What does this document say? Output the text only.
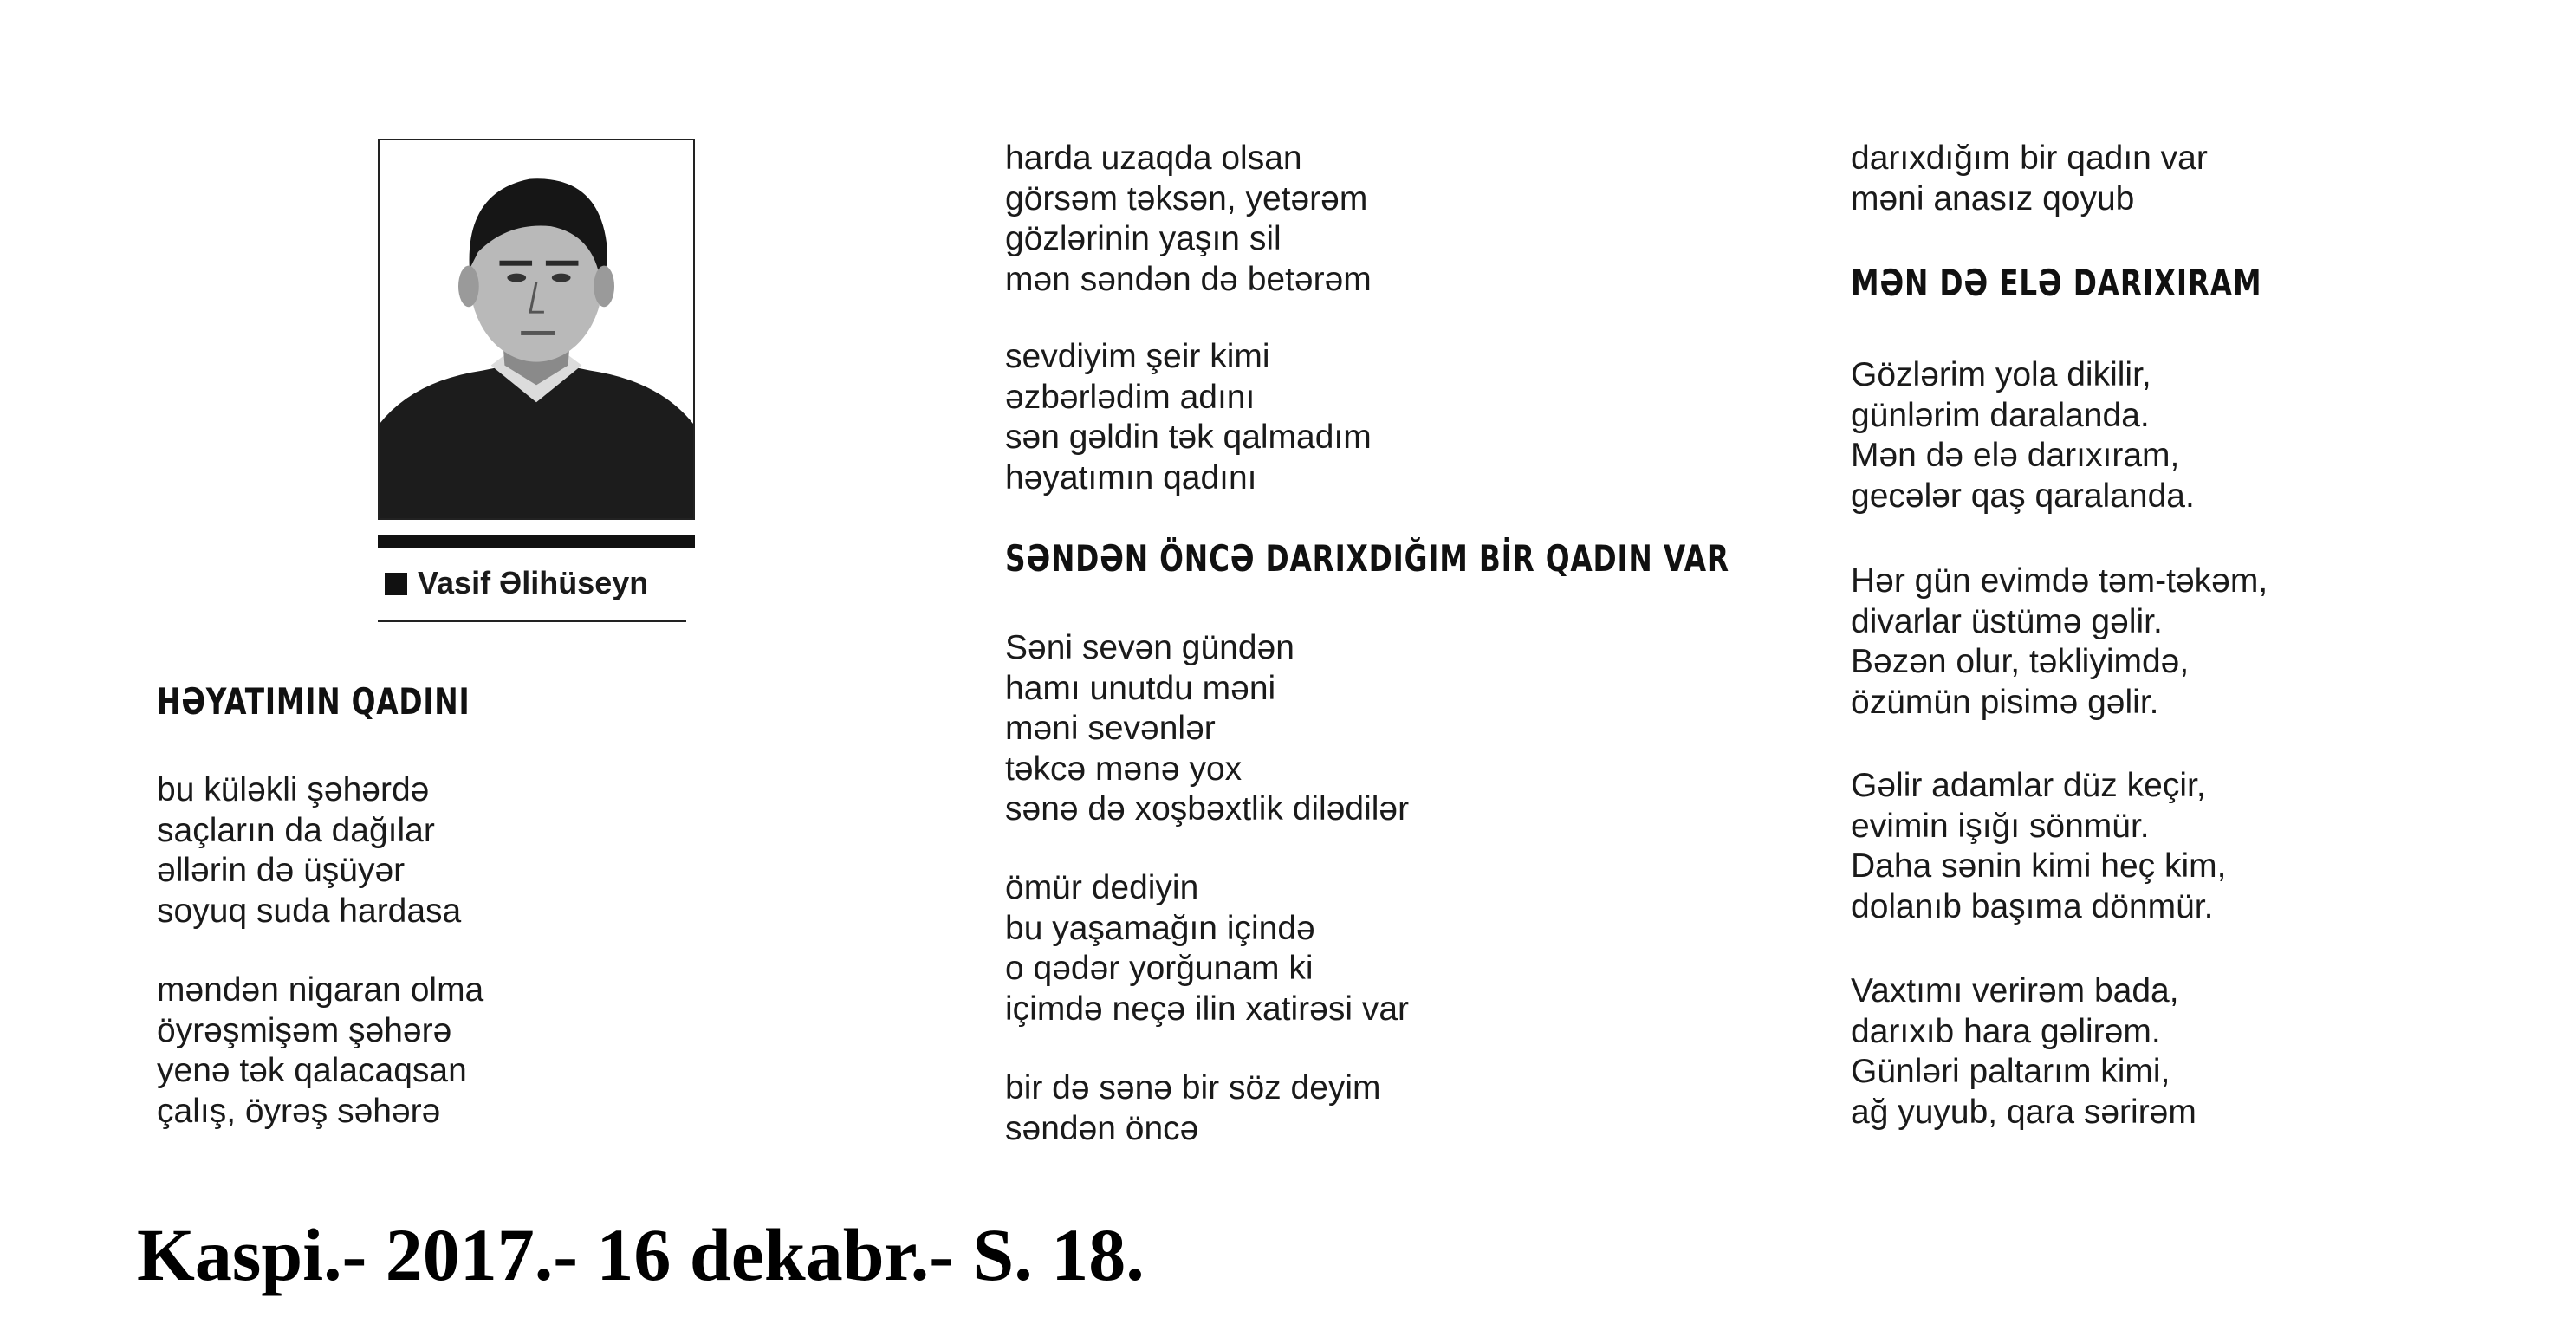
Vasif Əlihüseyn
HƏYATIMIN QADINI
bu küləkli şəhərdə
saçların da dağılar
əllərin də üşüyər
soyuq suda hardasa
məndən nigaran olma
öyrəşmişəm şəhərə
yenə tək qalacaqsan
çalış, öyrəş səhərə
harda uzaqda olsan
görsəm təksən, yetərəm
gözlərinin yaşın sil
mən səndən də betərəm
sevdiyim şeir kimi
əzbərlədim adını
sən gəldin tək qalmadım
həyatımın qadını
SƏNDƏN ÖNCƏ DARIXDIĞIM BİR QADIN VAR
Səni sevən gündən
hamı unutdu məni
məni sevənlər
təkcə mənə yox
sənə də xoşbəxtlik dilədilər
ömür dediyin
bu yaşamağın içində
o qədər yorğunam ki
içimdə neçə ilin xatirəsi var
bir də sənə bir söz deyim
səndən öncə
darıxdığım bir qadın var
məni anasız qoyub
MƏN DƏ ELƏ DARIXIRAM
Gözlərim yola dikilir,
günlərim daralanda.
Mən də elə darıxıram,
gecələr qaş qaralanda.
Hər gün evimdə təm-təkəm,
divarlar üstümə gəlir.
Bəzən olur, təkliyimdə,
özümün pisimə gəlir.
Gəlir adamlar düz keçir,
evimin işığı sönmür.
Daha sənin kimi heç kim,
dolanıb başıma dönmür.
Vaxtımı verirəm bada,
darıxıb hara gəlirəm.
Günləri paltarım kimi,
ağ yuyub, qara sərirəm
Kaspi.- 2017.- 16 dekabr.- S. 18.
